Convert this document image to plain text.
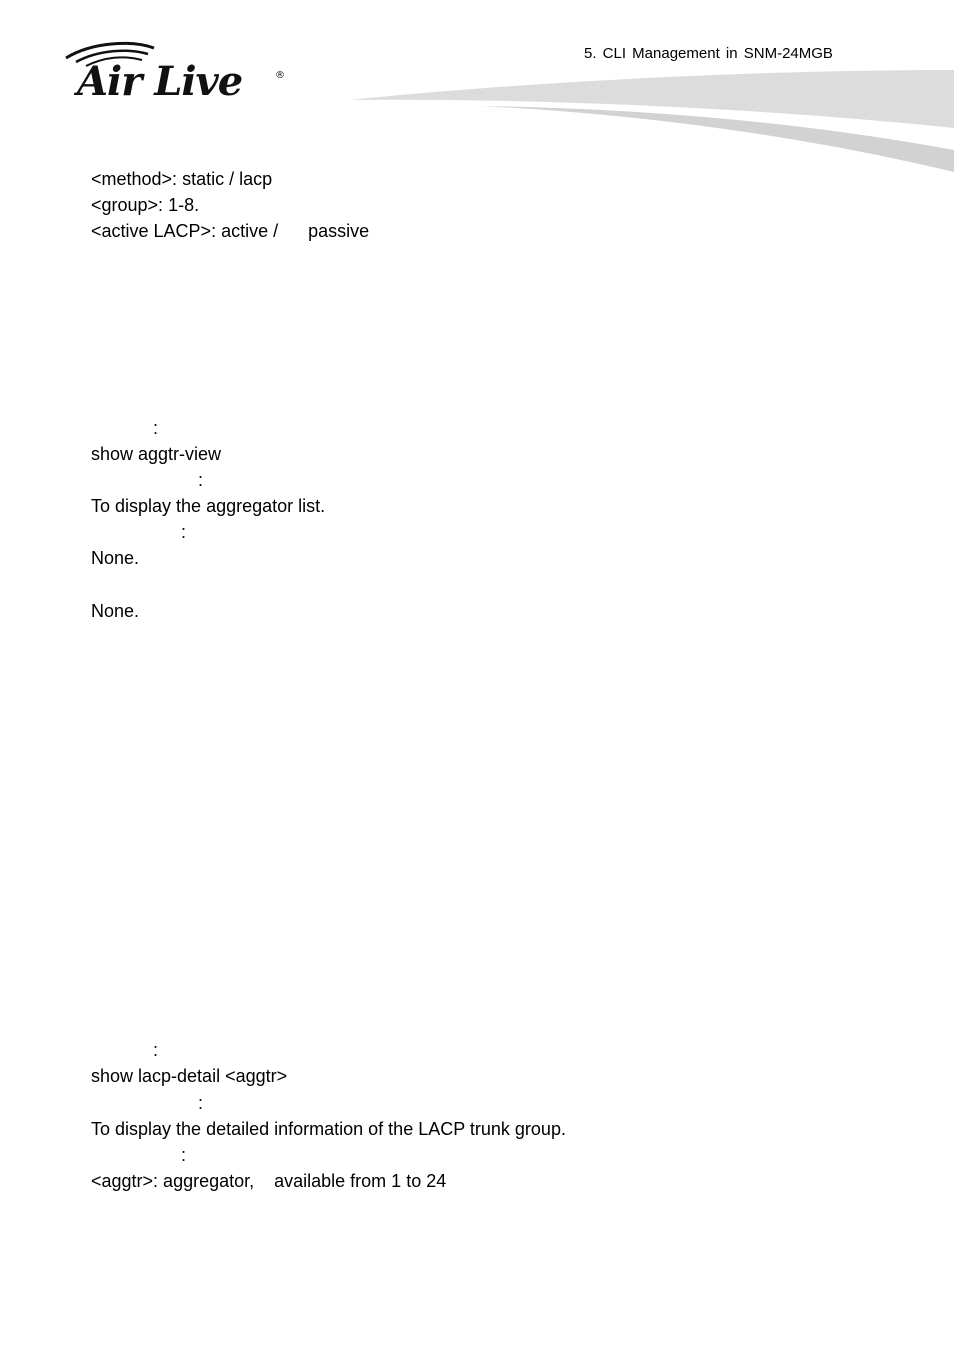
Air Live	®
5. CLI Management in SNM-24MGB
<method>: static / lacp
<group>: 1-8.
<active LACP>: active /      passive
:
show aggtr-view
:
To display the aggregator list.
:
None.
None.
:
show lacp-detail <aggtr>
:
To display the detailed information of the LACP trunk group.
:
<aggtr>: aggregator,    available from 1 to 24
